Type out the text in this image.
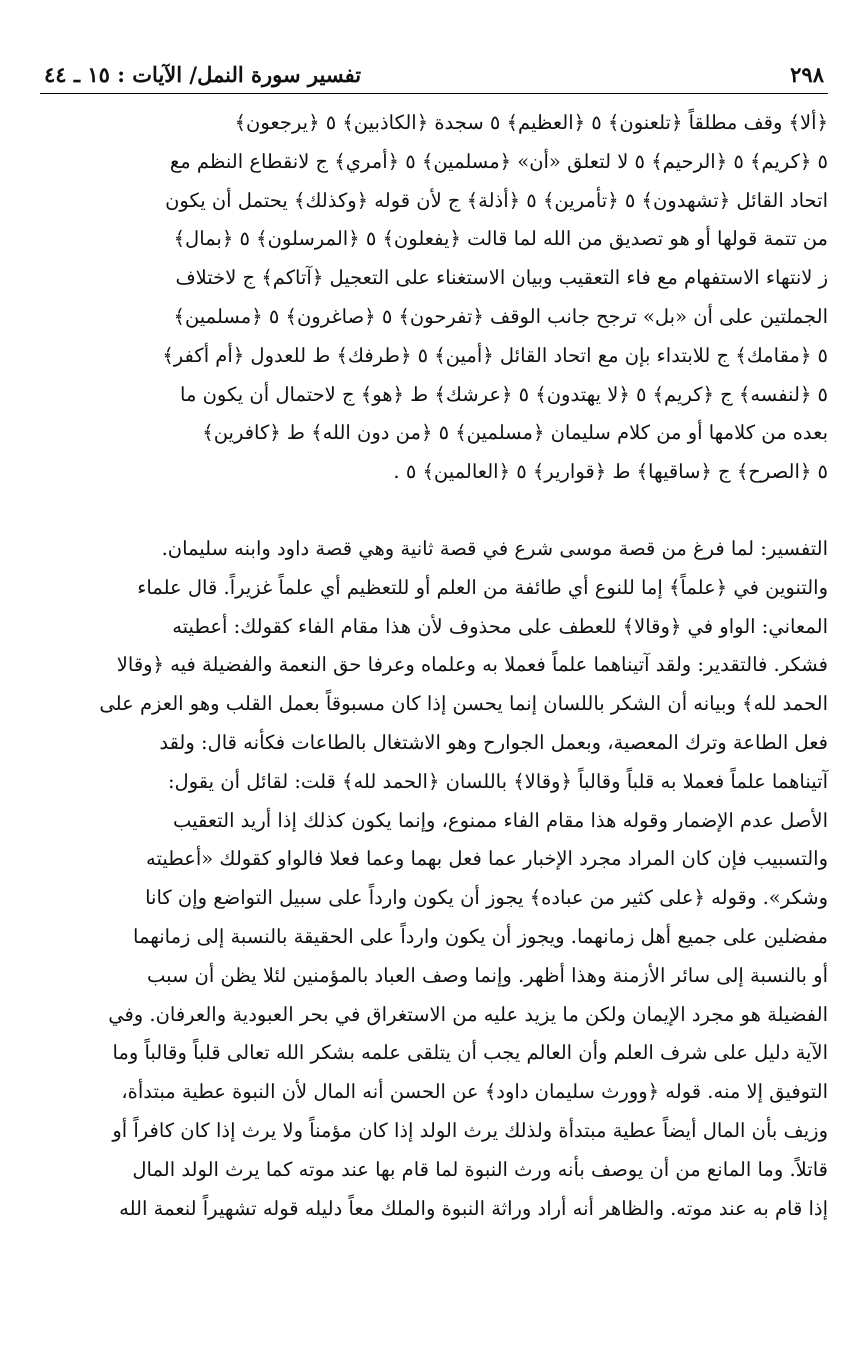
٢٩٨
تفسير سورة النمل/ الآيات : ١٥ ـ ٤٤
﴿ألا﴾ وقف مطلقاً ﴿تلعنون﴾ ٥ ﴿العظيم﴾ ٥ سجدة ﴿الكاذبين﴾ ٥ ﴿يرجعون﴾
٥ ﴿كريم﴾ ٥ ﴿الرحيم﴾ ٥ لا لتعلق «أن» ﴿مسلمين﴾ ٥ ﴿أمري﴾ ج لانقطاع النظم مع
اتحاد القائل ﴿تشهدون﴾ ٥ ﴿تأمرين﴾ ٥ ﴿أذلة﴾ ج لأن قوله ﴿وكذلك﴾ يحتمل أن يكون
من تتمة قولها أو هو تصديق من الله لما قالت ﴿يفعلون﴾ ٥ ﴿المرسلون﴾ ٥ ﴿بمال﴾
ز لانتهاء الاستفهام مع فاء التعقيب وبيان الاستغناء على التعجيل ﴿آتاكم﴾ ج لاختلاف
الجملتين على أن «بل» ترجح جانب الوقف ﴿تفرحون﴾ ٥ ﴿صاغرون﴾ ٥ ﴿مسلمين﴾
٥ ﴿مقامك﴾ ج للابتداء بإن مع اتحاد القائل ﴿أمين﴾ ٥ ﴿طرفك﴾ ط للعدول ﴿أم أكفر﴾
٥ ﴿لنفسه﴾ ج ﴿كريم﴾ ٥ ﴿لا يهتدون﴾ ٥ ﴿عرشك﴾ ط ﴿هو﴾ ج لاحتمال أن يكون ما
بعده من كلامها أو من كلام سليمان ﴿مسلمين﴾ ٥ ﴿من دون الله﴾ ط ﴿كافرين﴾
٥ ﴿الصرح﴾ ج ﴿ساقيها﴾ ط ﴿قوارير﴾ ٥ ﴿العالمين﴾ ٥ .
التفسير: لما فرغ من قصة موسى شرع في قصة ثانية وهي قصة داود وابنه سليمان.
والتنوين في ﴿علماً﴾ إما للنوع أي طائفة من العلم أو للتعظيم أي علماً غزيراً. قال علماء
المعاني: الواو في ﴿وقالا﴾ للعطف على محذوف لأن هذا مقام الفاء كقولك: أعطيته
فشكر. فالتقدير: ولقد آتيناهما علماً فعملا به وعلماه وعرفا حق النعمة والفضيلة فيه ﴿وقالا
الحمد لله﴾ وبيانه أن الشكر باللسان إنما يحسن إذا كان مسبوقاً بعمل القلب وهو العزم على
فعل الطاعة وترك المعصية، وبعمل الجوارح وهو الاشتغال بالطاعات فكأنه قال: ولقد
آتيناهما علماً فعملا به قلباً وقالباً ﴿وقالا﴾ باللسان ﴿الحمد لله﴾ قلت: لقائل أن يقول:
الأصل عدم الإضمار وقوله هذا مقام الفاء ممنوع، وإنما يكون كذلك إذا أريد التعقيب
والتسبيب فإن كان المراد مجرد الإخبار عما فعل بهما وعما فعلا فالواو كقولك «أعطيته
وشكر». وقوله ﴿على كثير من عباده﴾ يجوز أن يكون وارداً على سبيل التواضع وإن كانا
مفضلين على جميع أهل زمانهما. ويجوز أن يكون وارداً على الحقيقة بالنسبة إلى زمانهما
أو بالنسبة إلى سائر الأزمنة وهذا أظهر. وإنما وصف العباد بالمؤمنين لئلا يظن أن سبب
الفضيلة هو مجرد الإيمان ولكن ما يزيد عليه من الاستغراق في بحر العبودية والعرفان. وفي
الآية دليل على شرف العلم وأن العالم يجب أن يتلقى علمه بشكر الله تعالى قلباً وقالباً وما
التوفيق إلا منه. قوله ﴿وورث سليمان داود﴾ عن الحسن أنه المال لأن النبوة عطية مبتدأة،
وزيف بأن المال أيضاً عطية مبتدأة ولذلك يرث الولد إذا كان مؤمناً ولا يرث إذا كان كافراً أو
قاتلاً. وما المانع من أن يوصف بأنه ورث النبوة لما قام بها عند موته كما يرث الولد المال
إذا قام به عند موته. والظاهر أنه أراد وراثة النبوة والملك معاً دليله قوله تشهيراً لنعمة الله
